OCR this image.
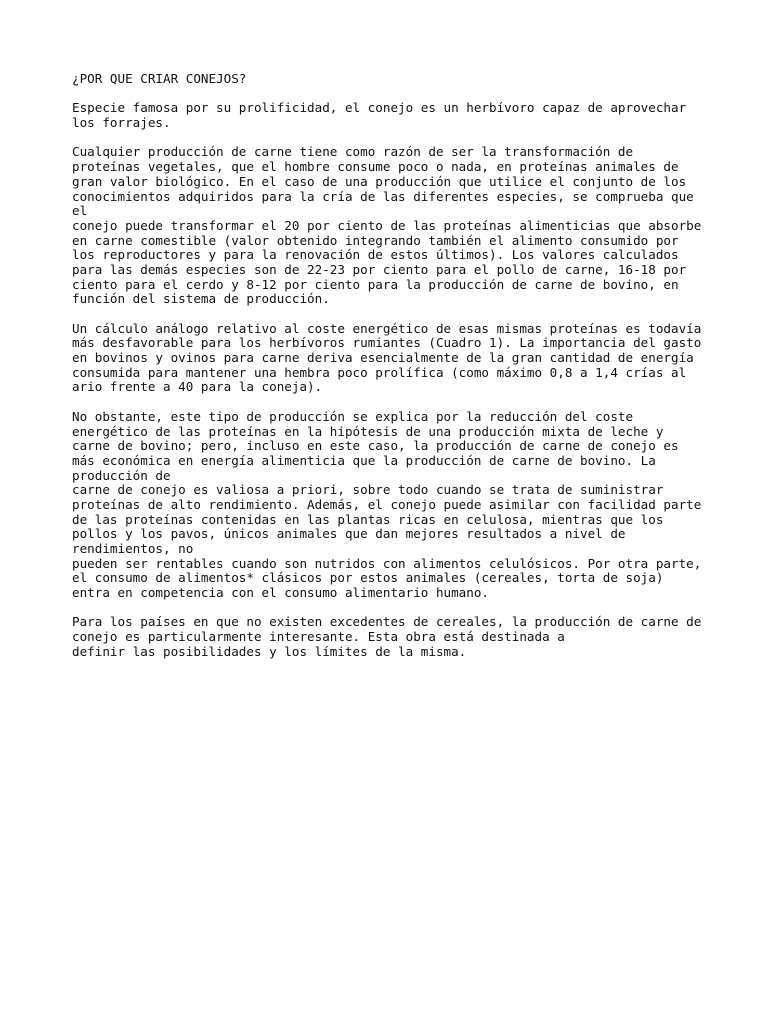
¿POR QUE CRIAR CONEJOS?
Especie famosa por su prolificidad, el conejo es un herbívoro capaz de aprovechar
los forrajes.
Cualquier producción de carne tiene como razón de ser la transformación de
proteínas vegetales, que el hombre consume poco o nada, en proteínas animales de
gran valor biológico. En el caso de una producción que utilice el conjunto de los
conocimientos adquiridos para la cría de las diferentes especies, se comprueba que
el
conejo puede transformar el 20 por ciento de las proteínas alimenticias que absorbe
en carne comestible (valor obtenido integrando también el alimento consumido por
los reproductores y para la renovación de estos últimos). Los valores calculados
para las demás especies son de 22-23 por ciento para el pollo de carne, 16-18 por
ciento para el cerdo y 8-12 por ciento para la producción de carne de bovino, en
función del sistema de producción.
Un cálculo análogo relativo al coste energético de esas mismas proteínas es todavía
más desfavorable para los herbívoros rumiantes (Cuadro 1). La importancia del gasto
en bovinos y ovinos para carne deriva esencialmente de la gran cantidad de energía
consumida para mantener una hembra poco prolífica (como máximo 0,8 a 1,4 crías al
ario frente a 40 para la coneja).
No obstante, este tipo de producción se explica por la reducción del coste
energético de las proteínas en la hipótesis de una producción mixta de leche y
carne de bovino; pero, incluso en este caso, la producción de carne de conejo es
más económica en energía alimenticia que la producción de carne de bovino. La
producción de
carne de conejo es valiosa a priori, sobre todo cuando se trata de suministrar
proteínas de alto rendimiento. Además, el conejo puede asimilar con facilidad parte
de las proteínas contenidas en las plantas ricas en celulosa, mientras que los
pollos y los pavos, únicos animales que dan mejores resultados a nivel de
rendimientos, no
pueden ser rentables cuando son nutridos con alimentos celulósicos. Por otra parte,
el consumo de alimentos* clásicos por estos animales (cereales, torta de soja)
entra en competencia con el consumo alimentario humano.
Para los países en que no existen excedentes de cereales, la producción de carne de
conejo es particularmente interesante. Esta obra está destinada a
definir las posibilidades y los límites de la misma.
